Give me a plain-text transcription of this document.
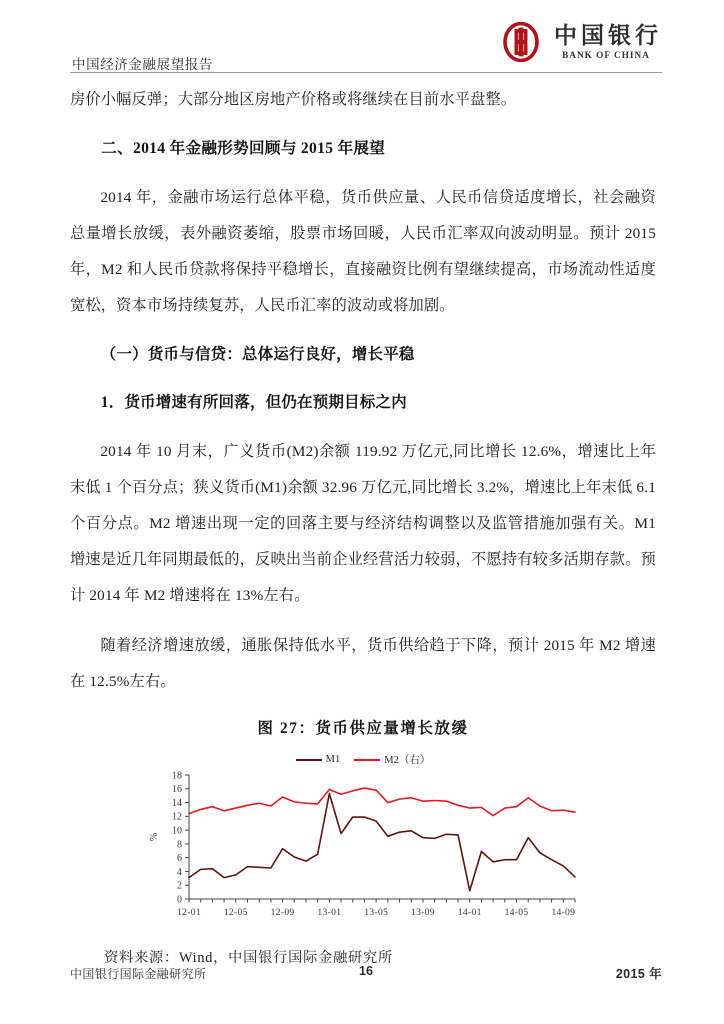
中国经济金融展望报告
中国银行
BANK OF CHINA

房价小幅反弹；大部分地区房地产价格或将继续在目前水平盘整。

二、2014 年金融形势回顾与 2015 年展望

2014 年，金融市场运行总体平稳，货币供应量、人民币信贷适度增长，社会融资总量增长放缓，表外融资萎缩，股票市场回暖，人民币汇率双向波动明显。预计 2015 年，M2 和人民币贷款将保持平稳增长，直接融资比例有望继续提高，市场流动性适度宽松，资本市场持续复苏，人民币汇率的波动或将加剧。

（一）货币与信贷：总体运行良好，增长平稳
1．货币增速有所回落，但仍在预期目标之内

2014 年 10 月末，广义货币(M2)余额 119.92 万亿元,同比增长 12.6%，增速比上年末低 1 个百分点；狭义货币(M1)余额 32.96 万亿元,同比增长 3.2%，增速比上年末低 6.1 个百分点。M2 增速出现一定的回落主要与经济结构调整以及监管措施加强有关。M1 增速是近几年同期最低的，反映出当前企业经营活力较弱，不愿持有较多活期存款。预计 2014 年 M2 增速将在 13%左右。

随着经济增速放缓，通胀保持低水平，货币供给趋于下降，预计 2015 年 M2 增速在 12.5%左右。

图 27：货币供应量增长放缓
M1	M2（右）
0
2
4
6
8
10
12
14
16
18
%
12-01 12-05 12-09 13-01 13-05 13-09 14-01 14-05 14-09
资料来源：Wind，中国银行国际金融研究所
中国银行国际金融研究所	16	2015 年
